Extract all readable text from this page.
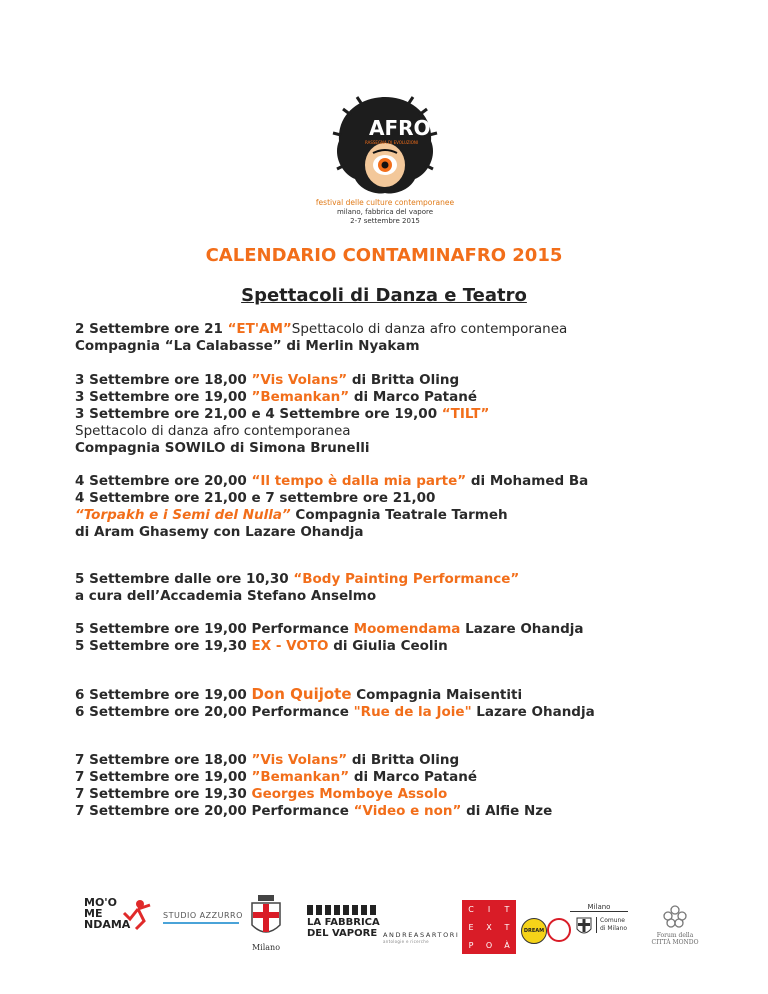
AFRO
RASSEGNA DI EVOLUZIONI
festival delle culture contemporanee
milano, fabbrica del vapore
2-7 settembre 2015
CALENDARIO CONTAMINAFRO 2015
Spettacoli di Danza e Teatro
2 Settembre ore 21 “ET'AM”Spettacolo di danza afro contemporanea
Compagnia “La Calabasse” di Merlin Nyakam
3 Settembre ore 18,00 ”Vis Volans” di Britta Oling
3 Settembre ore 19,00 ”Bemankan” di Marco Patané
3 Settembre ore 21,00 e 4 Settembre ore 19,00 “TILT”
Spettacolo di danza afro contemporanea
Compagnia SOWILO di Simona Brunelli
4 Settembre ore 20,00 “Il tempo è dalla mia parte” di Mohamed Ba
4 Settembre ore 21,00 e 7 settembre ore 21,00
“Torpakh e i Semi del Nulla” Compagnia Teatrale Tarmeh
di Aram Ghasemy con Lazare Ohandja
5 Settembre dalle ore 10,30 “Body Painting Performance”
a cura dell’Accademia Stefano Anselmo
5 Settembre ore 19,00 Performance Moomendama Lazare Ohandja
5 Settembre ore 19,30 EX - VOTO di Giulia Ceolin
6 Settembre ore 19,00 Don Quijote Compagnia Maisentiti
6 Settembre ore 20,00 Performance "Rue de la Joie" Lazare Ohandja
7 Settembre ore 18,00 ”Vis Volans” di Britta Oling
7 Settembre ore 19,00 ”Bemankan” di Marco Patané
7 Settembre ore 19,30 Georges Momboye Assolo
7 Settembre ore 20,00 Performance “Video e non” di Alfie Nze
MO'O
ME
NDAMA
STUDIO AZZURRO
Milano
LA FABBRICA
DEL VAPORE ANDREASARTORI
antologie e ricerche
C	I	T
E	X	T
P	O	À
DREAM
Milano
Comune
di Milano
Forum della
CITTÀ MONDO
